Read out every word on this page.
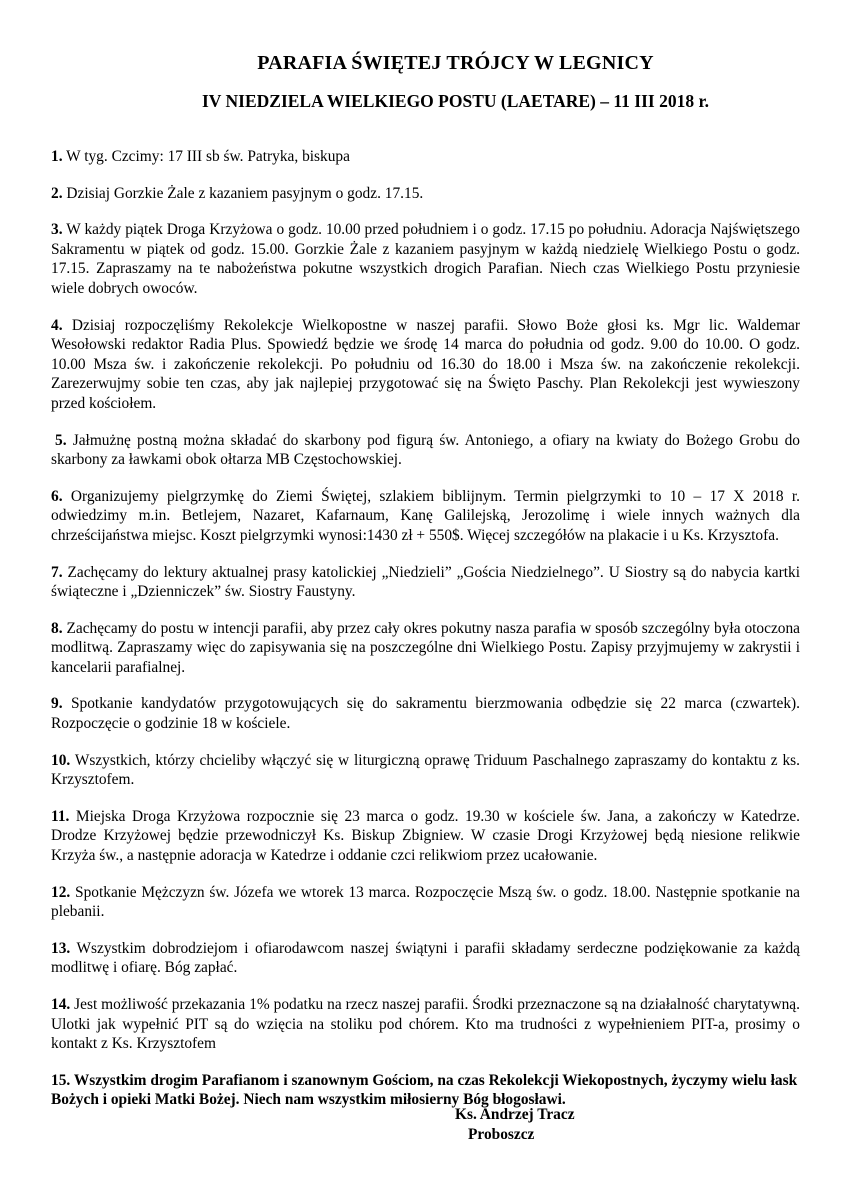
PARAFIA ŚWIĘTEJ TRÓJCY W LEGNICY
IV NIEDZIELA WIELKIEGO POSTU (LAETARE) – 11 III 2018 r.

1. W tyg. Czcimy: 17 III sb św. Patryka, biskupa

2. Dzisiaj Gorzkie Żale z kazaniem pasyjnym o godz. 17.15.

3. W każdy piątek Droga Krzyżowa o godz. 10.00 przed południem i o godz. 17.15 po południu. Adoracja Najświętszego Sakramentu w piątek od godz. 15.00. Gorzkie Żale z kazaniem pasyjnym w każdą niedzielę Wielkiego Postu o godz. 17.15. Zapraszamy na te nabożeństwa pokutne wszystkich drogich Parafian. Niech czas Wielkiego Postu przyniesie wiele dobrych owoców.

4. Dzisiaj rozpoczęliśmy Rekolekcje Wielkopostne w naszej parafii. Słowo Boże głosi ks. Mgr lic. Waldemar Wesołowski redaktor Radia Plus. Spowiedź będzie we środę 14 marca do południa od godz. 9.00 do 10.00. O godz. 10.00 Msza św. i zakończenie rekolekcji. Po południu od 16.30 do 18.00 i Msza św. na zakończenie rekolekcji. Zarezerwujmy sobie ten czas, aby jak najlepiej przygotować się na Święto Paschy. Plan Rekolekcji jest wywieszony przed kościołem.

5. Jałmużnę postną można składać do skarbony pod figurą św. Antoniego, a ofiary na kwiaty do Bożego Grobu do skarbony za ławkami obok ołtarza MB Częstochowskiej.

6. Organizujemy pielgrzymkę do Ziemi Świętej, szlakiem biblijnym. Termin pielgrzymki to 10 – 17 X 2018 r. odwiedzimy m.in. Betlejem, Nazaret, Kafarnaum, Kanę Galilejską, Jerozolimę i wiele innych ważnych dla chrześcijaństwa miejsc. Koszt pielgrzymki wynosi:1430 zł + 550$. Więcej szczegółów na plakacie i u Ks. Krzysztofa.

7. Zachęcamy do lektury aktualnej prasy katolickiej „Niedzieli” „Gościa Niedzielnego”. U Siostry są do nabycia kartki świąteczne i „Dzienniczek” św. Siostry Faustyny.

8. Zachęcamy do postu w intencji parafii, aby przez cały okres pokutny nasza parafia w sposób szczególny była otoczona modlitwą. Zapraszamy więc do zapisywania się na poszczególne dni Wielkiego Postu. Zapisy przyjmujemy w zakrystii i kancelarii parafialnej.

9. Spotkanie kandydatów przygotowujących się do sakramentu bierzmowania odbędzie się 22 marca (czwartek). Rozpoczęcie o godzinie 18 w kościele.

10. Wszystkich, którzy chcieliby włączyć się w liturgiczną oprawę Triduum Paschalnego zapraszamy do kontaktu z ks. Krzysztofem.

11. Miejska Droga Krzyżowa rozpocznie się 23 marca o godz. 19.30 w kościele św. Jana, a zakończy w Katedrze. Drodze Krzyżowej będzie przewodniczył Ks. Biskup Zbigniew. W czasie Drogi Krzyżowej będą niesione relikwie Krzyża św., a następnie adoracja w Katedrze i oddanie czci relikwiom przez ucałowanie.

12. Spotkanie Mężczyzn św. Józefa we wtorek 13 marca. Rozpoczęcie Mszą św. o godz. 18.00. Następnie spotkanie na plebanii.

13. Wszystkim dobrodziejom i ofiarodawcom naszej świątyni i parafii składamy serdeczne podziękowanie za każdą modlitwę i ofiarę. Bóg zapłać.

14. Jest możliwość przekazania 1% podatku na rzecz naszej parafii. Środki przeznaczone są na działalność charytatywną. Ulotki jak wypełnić PIT są do wzięcia na stoliku pod chórem. Kto ma trudności z wypełnieniem PIT-a, prosimy o kontakt z Ks. Krzysztofem

15. Wszystkim drogim Parafianom i szanownym Gościom, na czas Rekolekcji Wiekopostnych, życzymy wielu łask Bożych i opieki Matki Bożej. Niech nam wszystkim miłosierny Bóg błogosławi.

Ks. Andrzej Tracz
Proboszcz
